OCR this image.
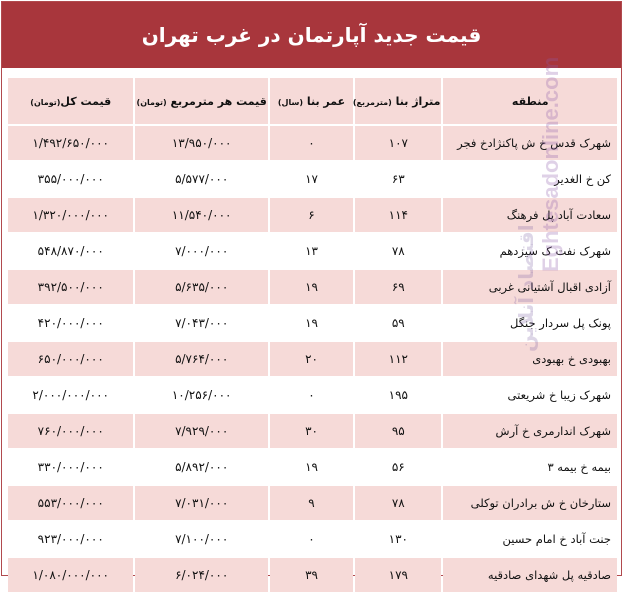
قیمت جدید آپارتمان در غرب تهران
منطقه	متراژ بنا (مترمربع)	عمر بنا (سال)	قیمت هر مترمربع (تومان)	قیمت کل(تومان)
شهرک قدس خ ش پاکنژادخ فجر	۱۰۷	۰	۱۳/۹۵۰/۰۰۰	۱/۴۹۲/۶۵۰/۰۰۰
کن خ الغدیر	۶۳	۱۷	۵/۵۷۷/۰۰۰	۳۵۵/۰۰۰/۰۰۰
سعادت آباد پل فرهنگ	۱۱۴	۶	۱۱/۵۴۰/۰۰۰	۱/۳۲۰/۰۰۰/۰۰۰
شهرک نفت ک سیزدهم	۷۸	۱۳	۷/۰۰۰/۰۰۰	۵۴۸/۸۷۰/۰۰۰
آزادی اقبال آشتیانی غربی	۶۹	۱۹	۵/۶۳۵/۰۰۰	۳۹۲/۵۰۰/۰۰۰
پونک پل سردار جنگل	۵۹	۱۹	۷/۰۴۳/۰۰۰	۴۲۰/۰۰۰/۰۰۰
بهبودی خ بهبودی	۱۱۲	۲۰	۵/۷۶۴/۰۰۰	۶۵۰/۰۰۰/۰۰۰
شهرک زیبا خ شریعتی	۱۹۵	۰	۱۰/۲۵۶/۰۰۰	۲/۰۰۰/۰۰۰/۰۰۰
شهرک اندارمری خ آرش	۹۵	۳۰	۷/۹۲۹/۰۰۰	۷۶۰/۰۰۰/۰۰۰
بیمه خ بیمه ۳	۵۶	۱۹	۵/۸۹۲/۰۰۰	۳۳۰/۰۰۰/۰۰۰
ستارخان خ ش برادران توکلی	۷۸	۹	۷/۰۳۱/۰۰۰	۵۵۳/۰۰۰/۰۰۰
جنت آباد خ امام حسین	۱۳۰	۰	۷/۱۰۰/۰۰۰	۹۲۳/۰۰۰/۰۰۰
صادقیه پل شهدای صادقیه	۱۷۹	۳۹	۶/۰۲۴/۰۰۰	۱/۰۸۰/۰۰۰/۰۰۰
Eghtesadonline.com
اقتصاد آنلاین
